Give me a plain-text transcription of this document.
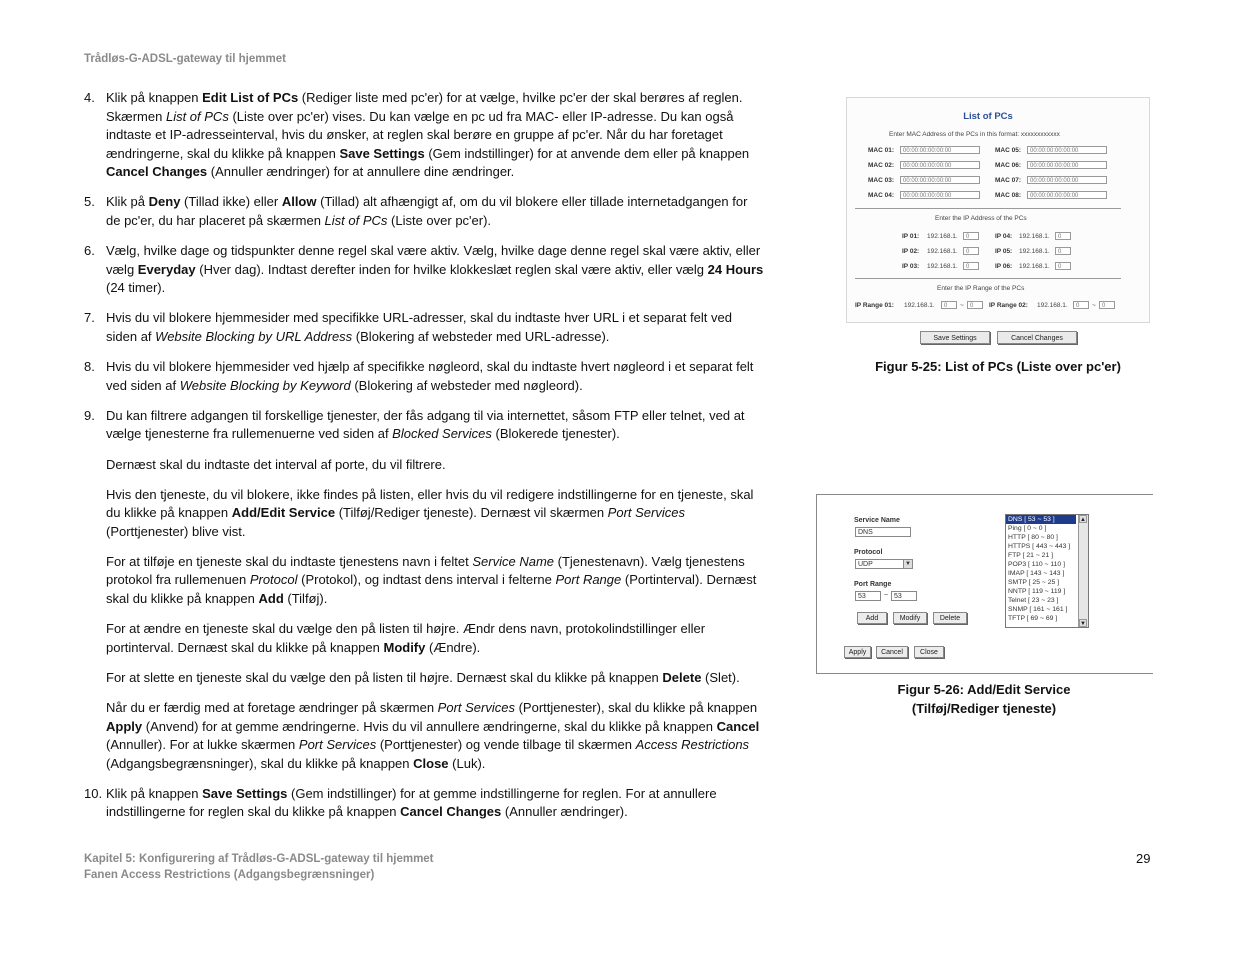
Trådløs-G-ADSL-gateway til hjemmet
4. Klik på knappen Edit List of PCs (Rediger liste med pc'er) for at vælge, hvilke pc'er der skal berøres af reglen. Skærmen List of PCs (Liste over pc'er) vises. Du kan vælge en pc ud fra MAC- eller IP-adresse. Du kan også indtaste et IP-adresseinterval, hvis du ønsker, at reglen skal berøre en gruppe af pc'er. Når du har foretaget ændringerne, skal du klikke på knappen Save Settings (Gem indstillinger) for at anvende dem eller på knappen Cancel Changes (Annuller ændringer) for at annullere dine ændringer.
5. Klik på Deny (Tillad ikke) eller Allow (Tillad) alt afhængigt af, om du vil blokere eller tillade internetadgangen for de pc'er, du har placeret på skærmen List of PCs (Liste over pc'er).
6. Vælg, hvilke dage og tidspunkter denne regel skal være aktiv. Vælg, hvilke dage denne regel skal være aktiv, eller vælg Everyday (Hver dag). Indtast derefter inden for hvilke klokkeslæt reglen skal være aktiv, eller vælg 24 Hours (24 timer).
7. Hvis du vil blokere hjemmesider med specifikke URL-adresser, skal du indtaste hver URL i et separat felt ved siden af Website Blocking by URL Address (Blokering af websteder med URL-adresse).
8. Hvis du vil blokere hjemmesider ved hjælp af specifikke nøgleord, skal du indtaste hvert nøgleord i et separat felt ved siden af Website Blocking by Keyword (Blokering af websteder med nøgleord).
9. Du kan filtrere adgangen til forskellige tjenester, der fås adgang til via internettet, såsom FTP eller telnet, ved at vælge tjenesterne fra rullemenuerne ved siden af Blocked Services (Blokerede tjenester).
Dernæst skal du indtaste det interval af porte, du vil filtrere.
Hvis den tjeneste, du vil blokere, ikke findes på listen, eller hvis du vil redigere indstillingerne for en tjeneste, skal du klikke på knappen Add/Edit Service (Tilføj/Rediger tjeneste). Dernæst vil skærmen Port Services (Porttjenester) blive vist.
For at tilføje en tjeneste skal du indtaste tjenestens navn i feltet Service Name (Tjenestenavn). Vælg tjenestens protokol fra rullemenuen Protocol (Protokol), og indtast dens interval i felterne Port Range (Portinterval). Dernæst skal du klikke på knappen Add (Tilføj).
For at ændre en tjeneste skal du vælge den på listen til højre. Ændr dens navn, protokolindstillinger eller portinterval. Dernæst skal du klikke på knappen Modify (Ændre).
For at slette en tjeneste skal du vælge den på listen til højre. Dernæst skal du klikke på knappen Delete (Slet).
Når du er færdig med at foretage ændringer på skærmen Port Services (Porttjenester), skal du klikke på knappen Apply (Anvend) for at gemme ændringerne. Hvis du vil annullere ændringerne, skal du klikke på knappen Cancel (Annuller). For at lukke skærmen Port Services (Porttjenester) og vende tilbage til skærmen Access Restrictions (Adgangsbegrænsninger), skal du klikke på knappen Close (Luk).
10. Klik på knappen Save Settings (Gem indstillinger) for at gemme indstillingerne for reglen. For at annullere indstillingerne for reglen skal du klikke på knappen Cancel Changes (Annuller ændringer).
List of PCs
Enter MAC Address of the PCs in this format: xxxxxxxxxxxx
MAC 01:	00:00:00:00:00:00	MAC 05:	00:00:00:00:00:00
MAC 02:	00:00:00:00:00:00	MAC 06:	00:00:00:00:00:00
MAC 03:	00:00:00:00:00:00	MAC 07:	00:00:00:00:00:00
MAC 04:	00:00:00:00:00:00	MAC 08:	00:00:00:00:00:00
Enter the IP Address of the PCs
IP 01: 192.168.1.	0	IP 04: 192.168.1.	0
IP 02: 192.168.1.	0	IP 05: 192.168.1.	0
IP 03: 192.168.1.	0	IP 06: 192.168.1.	0
Enter the IP Range of the PCs
IP Range 01: 192.168.1.	0	~	0	IP Range 02: 192.168.1.	0	~	0
Save Settings	Cancel Changes
Figur 5-25: List of PCs (Liste over pc'er)
Service Name
DNS
Protocol
UDP	▼
Port Range
53	~ 53
Add	Modify	Delete
DNS [ 53 ~ 53 ]
Ping [ 0 ~ 0 ]
HTTP [ 80 ~ 80 ]
HTTPS [ 443 ~ 443 ]
FTP [ 21 ~ 21 ]
POP3 [ 110 ~ 110 ]
IMAP [ 143 ~ 143 ]
SMTP [ 25 ~ 25 ]
NNTP [ 119 ~ 119 ]
Telnet [ 23 ~ 23 ]
SNMP [ 161 ~ 161 ]
TFTP [ 69 ~ 69 ]
▲
▼
Apply	Cancel	Close
Figur 5-26: Add/Edit Service
(Tilføj/Rediger tjeneste)
Kapitel 5: Konfigurering af Trådløs-G-ADSL-gateway til hjemmet
Fanen Access Restrictions (Adgangsbegrænsninger)
29
